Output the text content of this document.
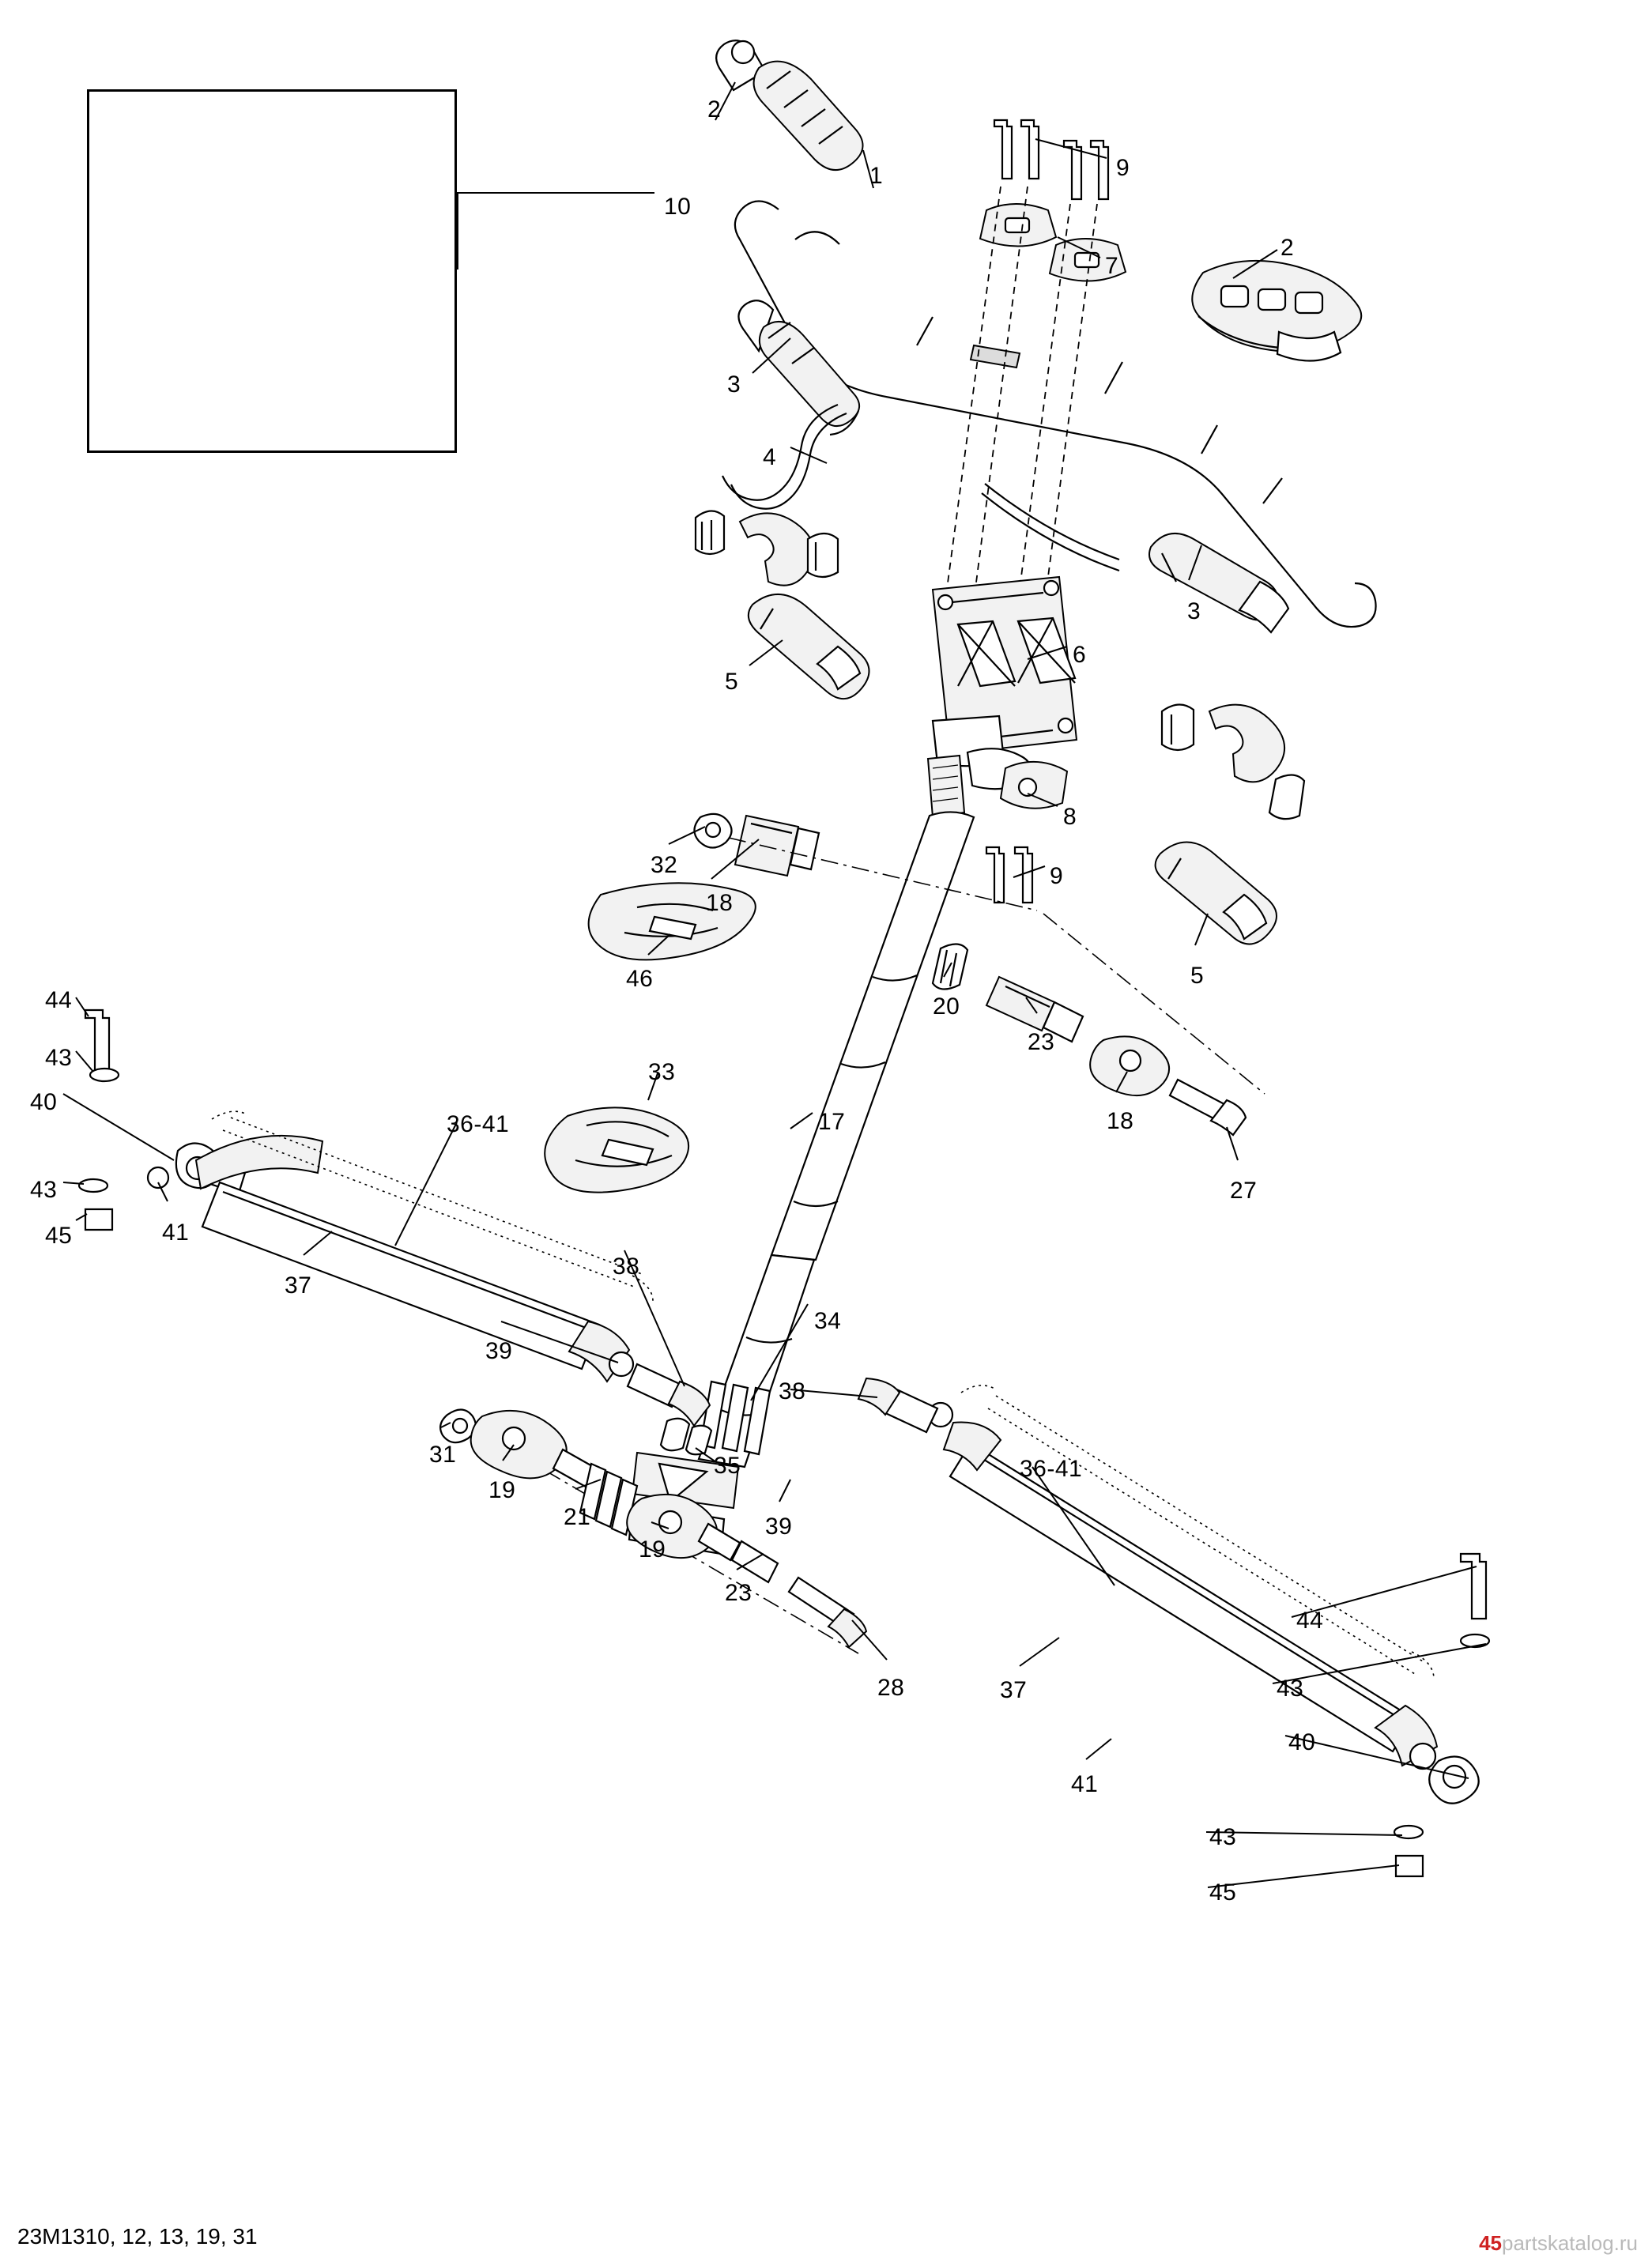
10
2
1	9
7
2
3
4
3
5
6
8
9
5
32
18
46
20
23
18
27
44
43
40
43
45	41
36-41
33
37
39
38
17
34
31
19
21
19
35
38
39
23
28	37
36-41
41
44
43
40
43
45
23M1310, 12, 13, 19, 31	45partskatalog.ru
